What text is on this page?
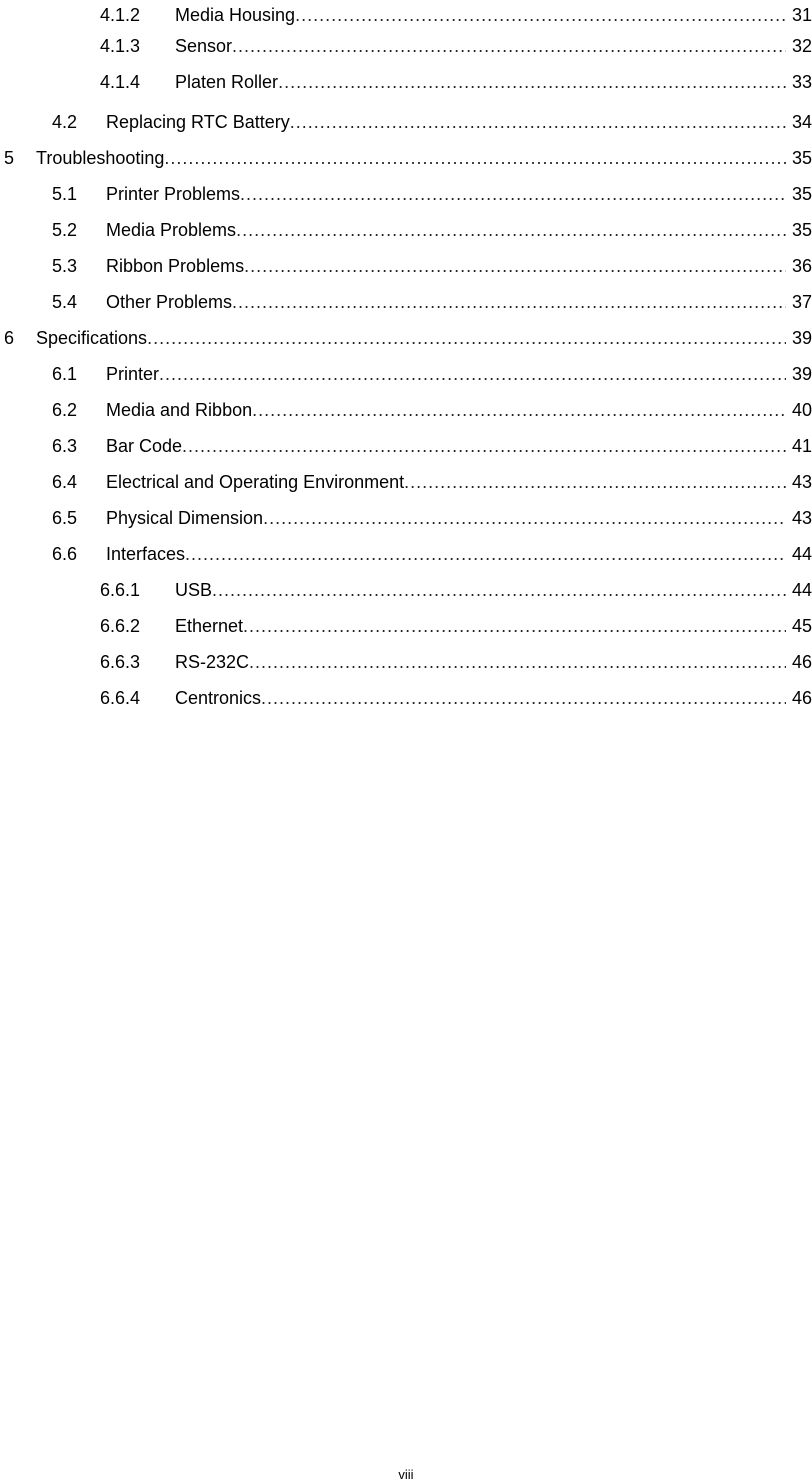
4.1.2	Media Housing .....	31
4.1.3	Sensor .....	32
4.1.4	Platen Roller .....	33
4.2	Replacing RTC Battery .....	34
5	Troubleshooting .....	35
5.1	Printer Problems .....	35
5.2	Media Problems .....	35
5.3	Ribbon Problems .....	36
5.4	Other Problems .....	37
6	Specifications .....	39
6.1	Printer .....	39
6.2	Media and Ribbon .....	40
6.3	Bar Code .....	41
6.4	Electrical and Operating Environment .....	43
6.5	Physical Dimension .....	43
6.6	Interfaces .....	44
6.6.1	USB .....	44
6.6.2	Ethernet .....	45
6.6.3	RS-232C .....	46
6.6.4	Centronics .....	46
viii
